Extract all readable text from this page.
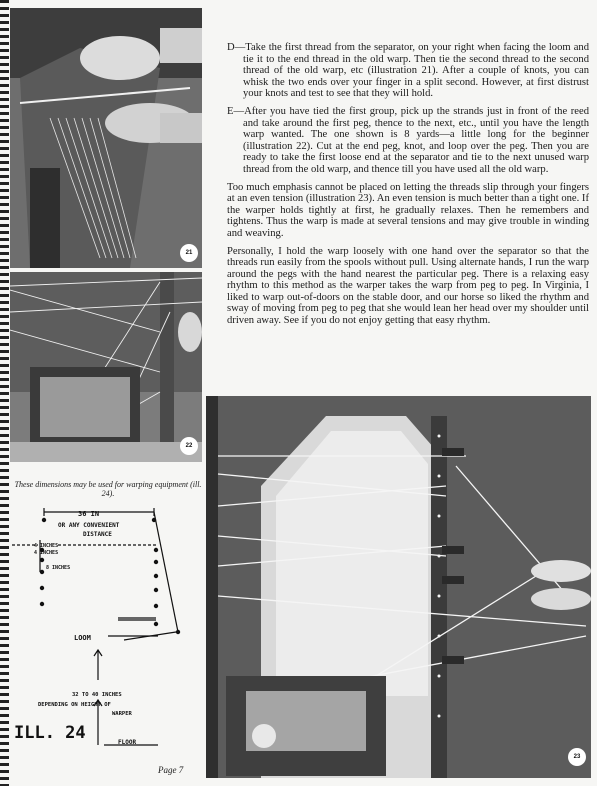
21
22

D—Take the first thread from the separator, on your right when facing the loom and tie it to the end thread in the old warp. Then tie the second thread to the second thread of the old warp, etc (illustration 21). After a couple of knots, you can whisk the two ends over your finger in a split second. However, at first distrust your knots and test to see that they will hold.

E—After you have tied the first group, pick up the strands just in front of the reed and take around the first peg, thence to the next, etc., until you have the length warp wanted. The one shown is 8 yards—a little long for the beginner (illustration 22). Cut at the end peg, knot, and loop over the peg. Then you are ready to take the first loose end at the separator and tie to the next unused warp thread from the old warp, and thence till you have used all the old warp.

Too much emphasis cannot be placed on letting the threads slip through your fingers at an even tension (illustration 23). An even tension is much better than a tight one. If the warper holds tightly at first, he gradually relaxes. Then he remembers and tightens. Thus the warp is made at several tensions and may give trouble in winding and weaving.

Personally, I hold the warp loosely with one hand over the separator so that the threads run easily from the spools without pull. Using alternate hands, I run the warp around the pegs with the hand nearest the particular peg. There is a relaxing easy rhythm to this method as the warper takes the warp from peg to peg. In Virginia, I liked to warp out-of-doors on the stable door, and our horse so liked the rhythm and sway of moving from peg to peg that she would lean her head over my shoulder until driven away. See if you do not enjoy getting that easy rhythm.

23
These dimensions may be used for warping equipment (ill. 24).
36 IN
OR ANY CONVENIENT
DISTANCE
4 INCHES
4 INCHES
8 INCHES
LOOM
32 TO 40 INCHES
DEPENDING ON HEIGHT OF
WARPER
FLOOR
ILL. 24
Page 7
